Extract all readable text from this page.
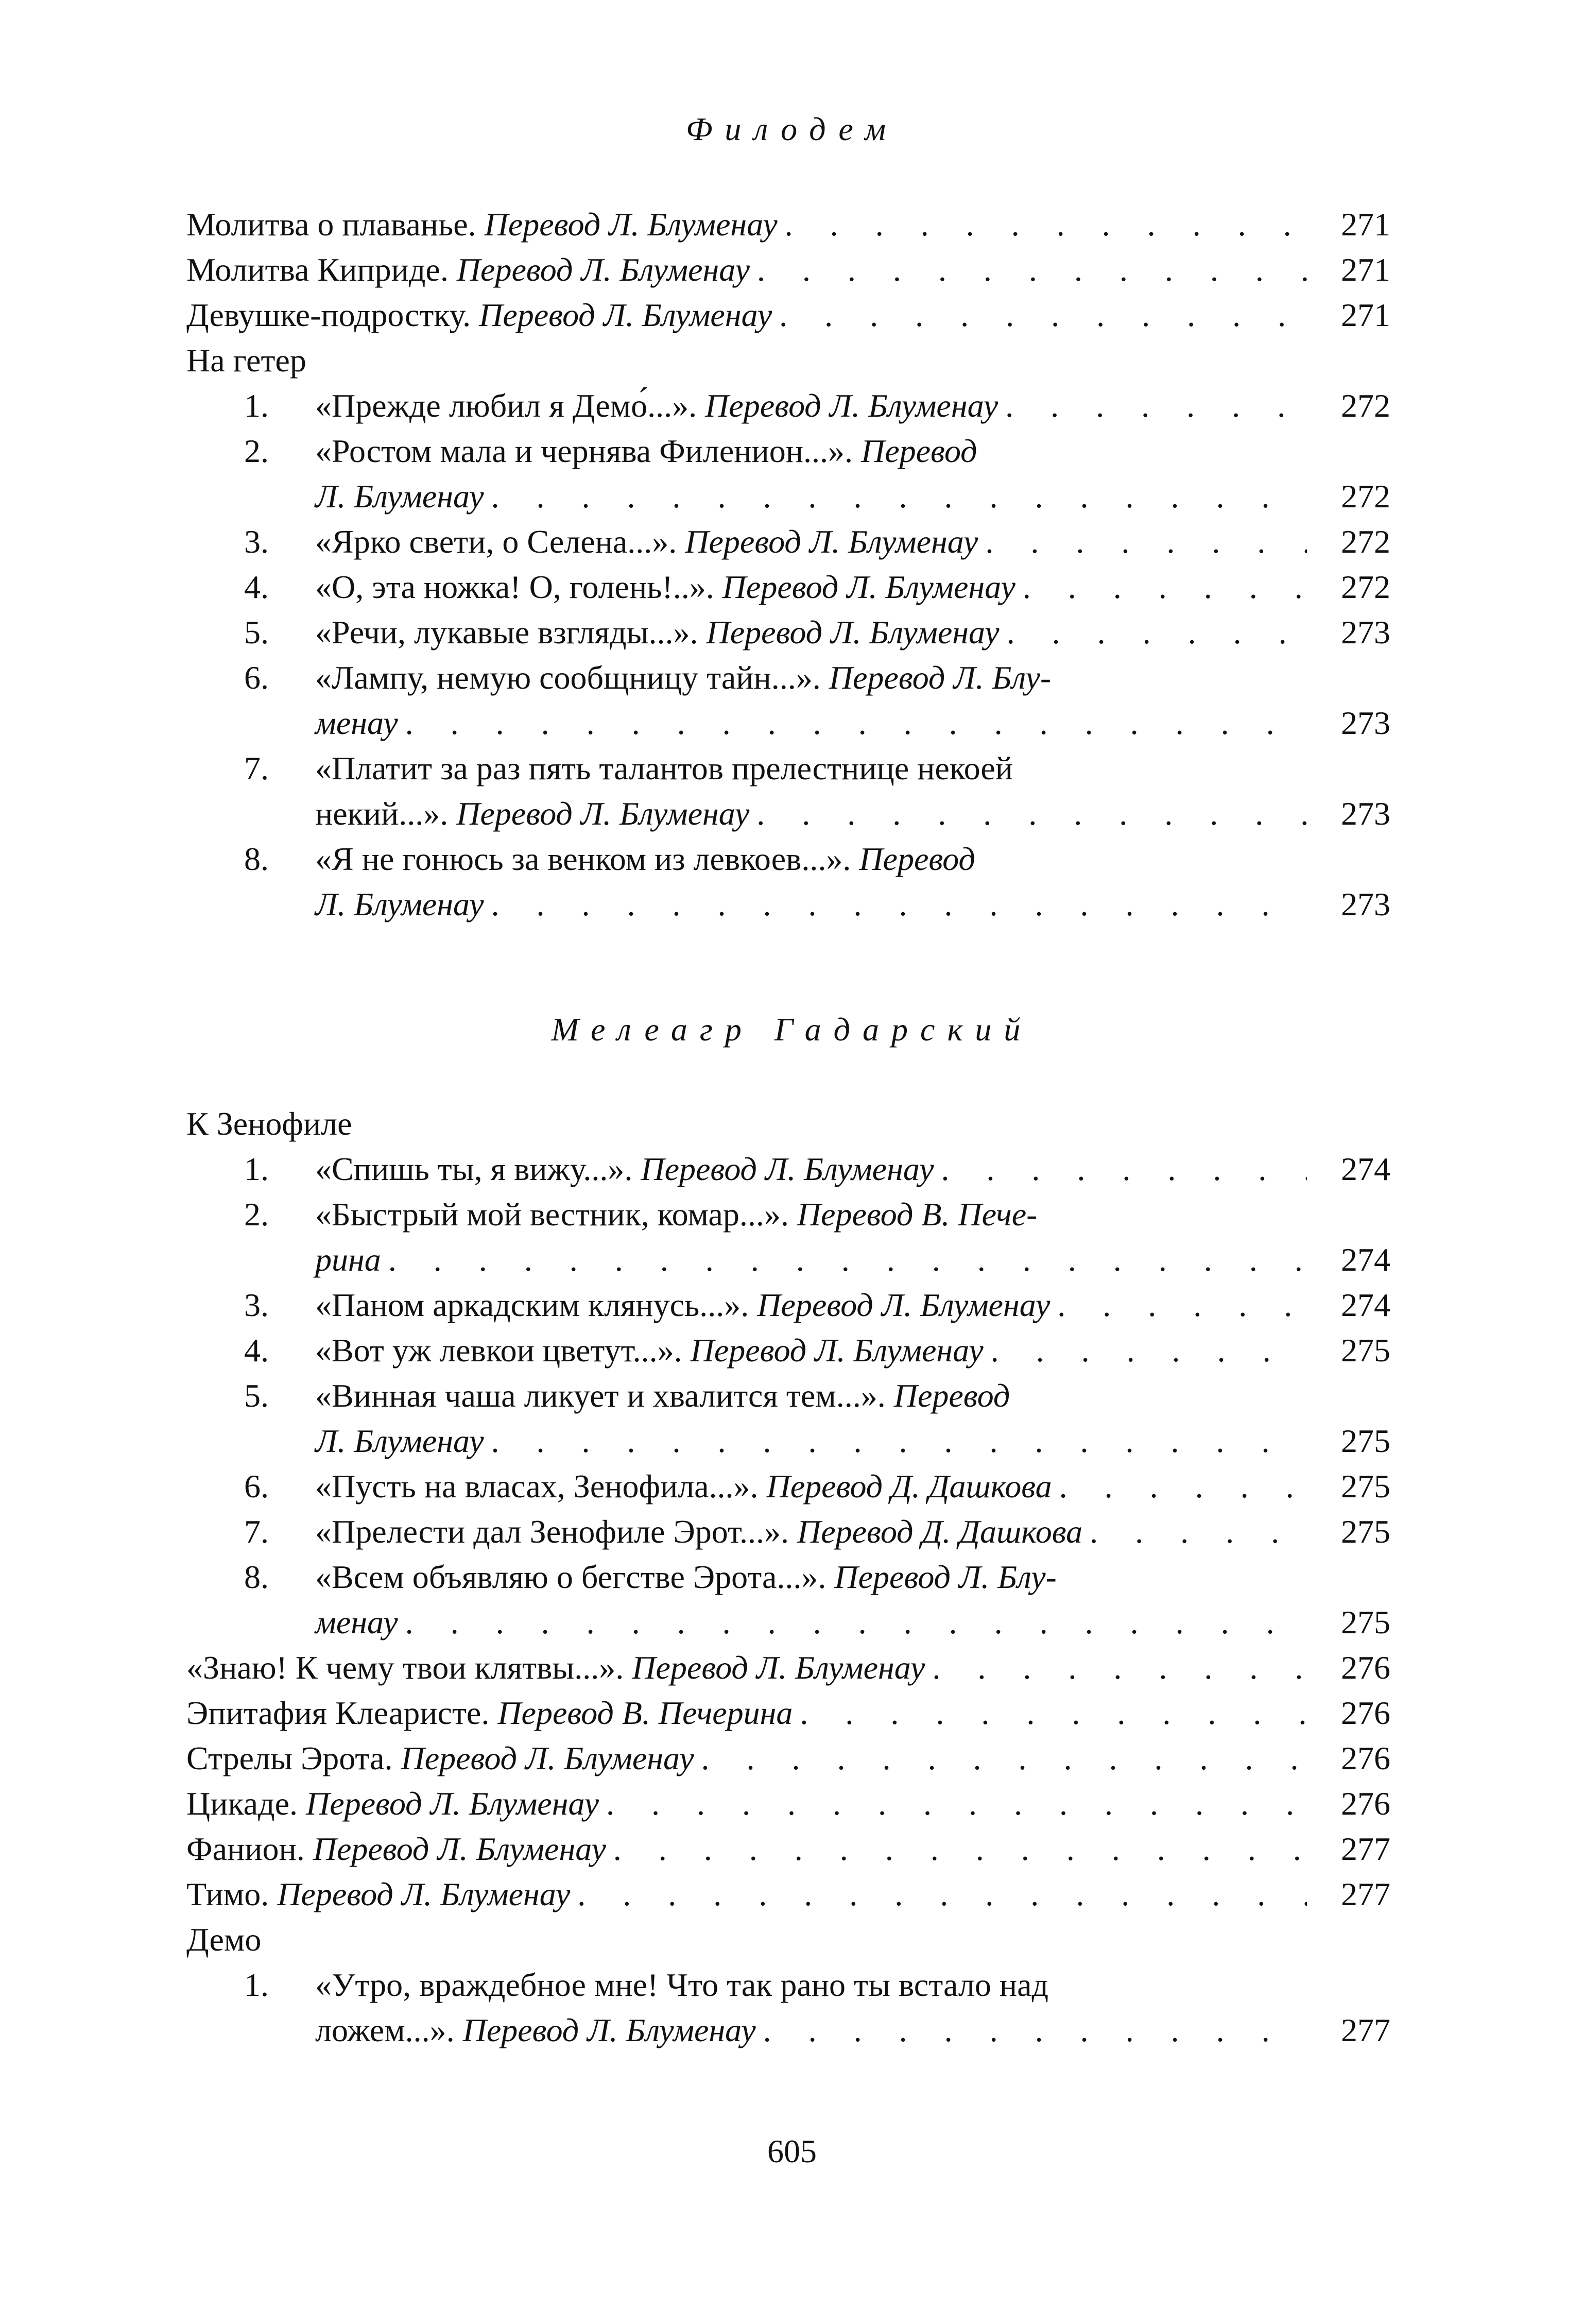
Филодем
Молитва о плаванье. Перевод Л. Блуменау . . .	271
Молитва Киприде. Перевод Л. Блуменау . . .	271
Девушке-подростку. Перевод Л. Блуменау . . .	271
На гетер
1. «Прежде любил я Демо́...». Перевод Л. Блуменау . . .	272
2. «Ростом мала и чернява Филенион...». Перевод
Л. Блуменау . . .	272
3. «Ярко свети, о Селена...». Перевод Л. Блуменау . . .	272
4. «О, эта ножка! О, голень!..». Перевод Л. Блуменау . . .	272
5. «Речи, лукавые взгляды...». Перевод Л. Блуменау . . .	273
6. «Лампу, немую сообщницу тайн...». Перевод Л. Блу-
менау . . .	273
7. «Платит за раз пять талантов прелестнице некоей
некий...». Перевод Л. Блуменау . . .	273
8. «Я не гонюсь за венком из левкоев...». Перевод
Л. Блуменау . . .	273
Мелеагр Гадарский
К Зенофиле
1. «Спишь ты, я вижу...». Перевод Л. Блуменау . . .	274
2. «Быстрый мой вестник, комар...». Перевод В. Пече-
рина . . .	274
3. «Паном аркадским клянусь...». Перевод Л. Блуменау . . .	274
4. «Вот уж левкои цветут...». Перевод Л. Блуменау . . .	275
5. «Винная чаша ликует и хвалится тем...». Перевод
Л. Блуменау . . .	275
6. «Пусть на власах, Зенофила...». Перевод Д. Дашкова . . .	275
7. «Прелести дал Зенофиле Эрот...». Перевод Д. Дашкова . . .	275
8. «Всем объявляю о бегстве Эрота...». Перевод Л. Блу-
менау . . .	275
«Знаю! К чему твои клятвы...». Перевод Л. Блуменау . . .	276
Эпитафия Клеаристе. Перевод В. Печерина . . .	276
Стрелы Эрота. Перевод Л. Блуменау . . .	276
Цикаде. Перевод Л. Блуменау . . .	276
Фанион. Перевод Л. Блуменау . . .	277
Тимо. Перевод Л. Блуменау . . .	277
Демо
1. «Утро, враждебное мне! Что так рано ты встало над
ложем...». Перевод Л. Блуменау . . .	277
605
